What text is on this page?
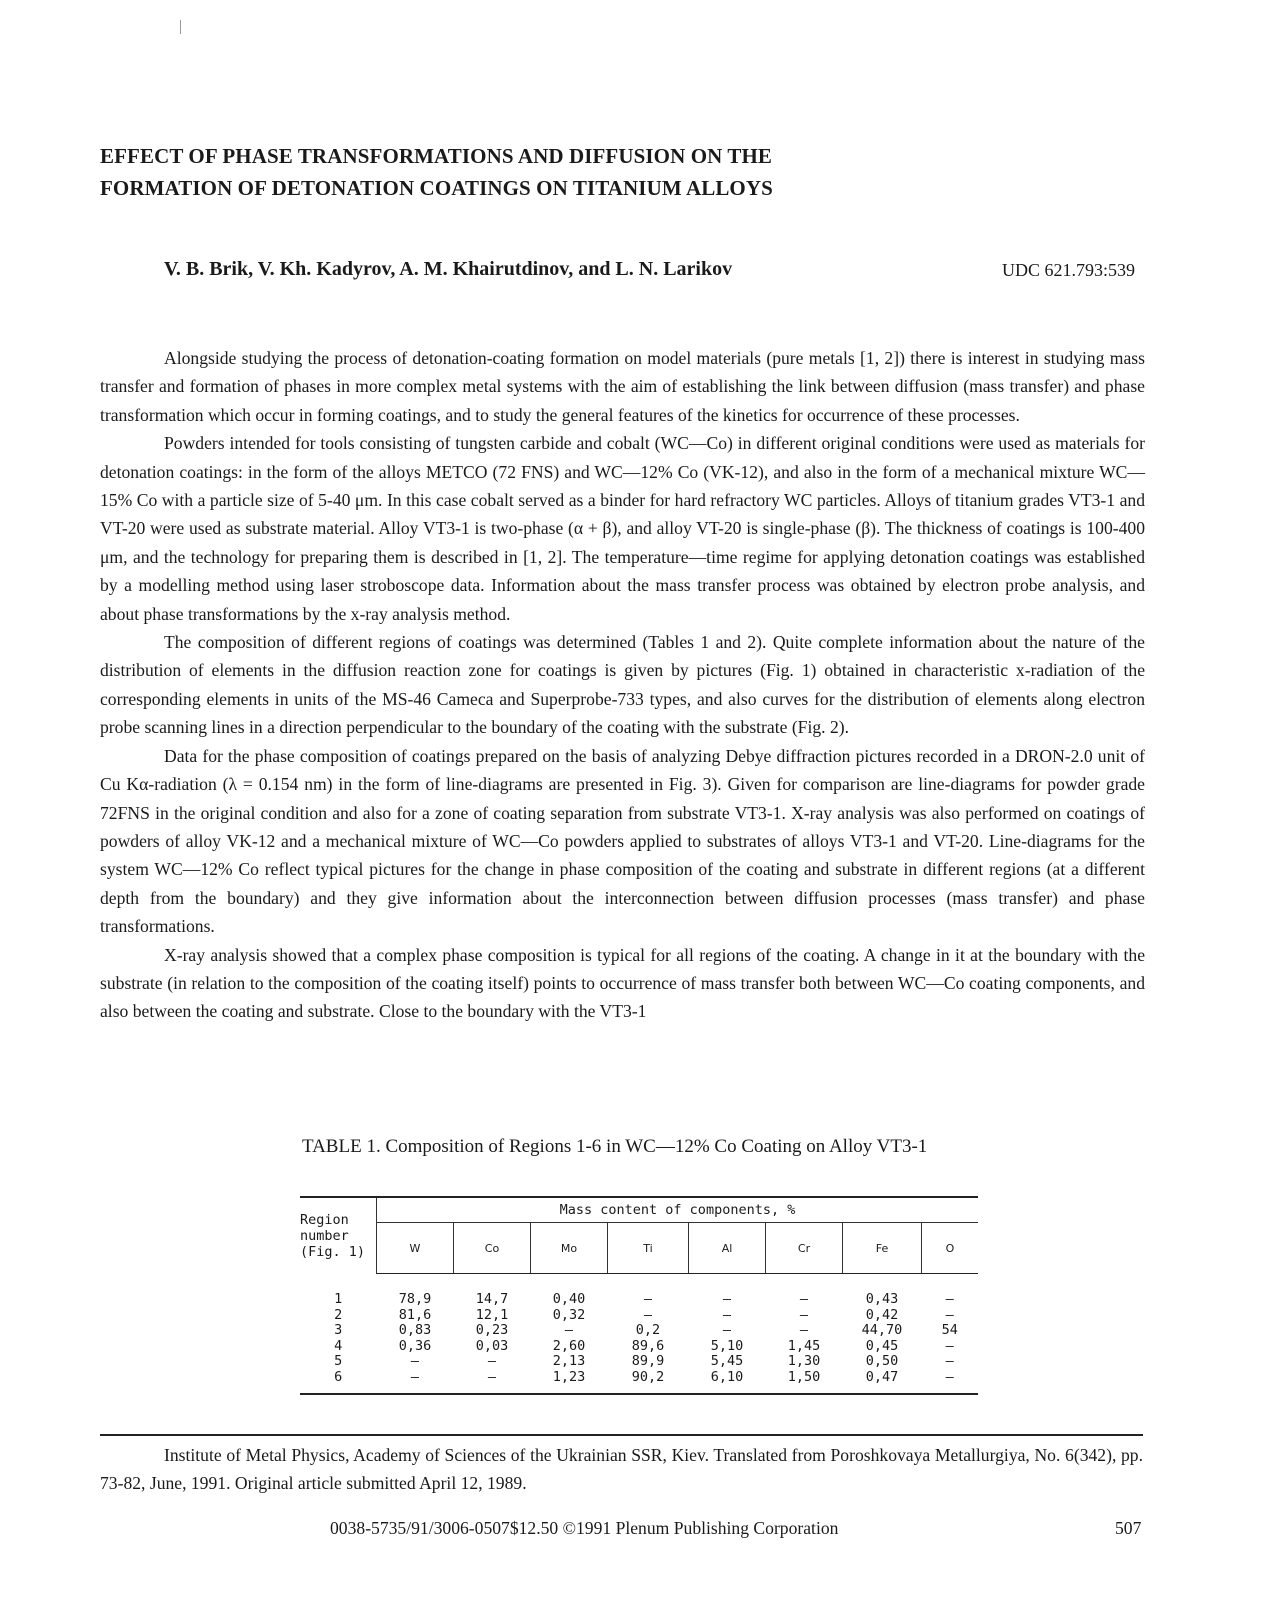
EFFECT OF PHASE TRANSFORMATIONS AND DIFFUSION ON THE
FORMATION OF DETONATION COATINGS ON TITANIUM ALLOYS
V. B. Brik, V. Kh. Kadyrov, A. M. Khairutdinov, and L. N. Larikov	UDC 621.793:539

Alongside studying the process of detonation-coating formation on model materials (pure metals [1, 2]) there is interest in studying mass transfer and formation of phases in more complex metal systems with the aim of establishing the link between diffusion (mass transfer) and phase transformation which occur in forming coatings, and to study the general features of the kinetics for occurrence of these processes.

Powders intended for tools consisting of tungsten carbide and cobalt (WC—Co) in different original conditions were used as materials for detonation coatings: in the form of the alloys METCO (72 FNS) and WC—12% Co (VK-12), and also in the form of a mechanical mixture WC—15% Co with a particle size of 5-40 μm. In this case cobalt served as a binder for hard refractory WC particles. Alloys of titanium grades VT3-1 and VT-20 were used as substrate material. Alloy VT3-1 is two-phase (α + β), and alloy VT-20 is single-phase (β). The thickness of coatings is 100-400 μm, and the technology for preparing them is described in [1, 2]. The temperature—time regime for applying detonation coatings was established by a modelling method using laser stroboscope data. Information about the mass transfer process was obtained by electron probe analysis, and about phase transformations by the x-ray analysis method.

The composition of different regions of coatings was determined (Tables 1 and 2). Quite complete information about the nature of the distribution of elements in the diffusion reaction zone for coatings is given by pictures (Fig. 1) obtained in characteristic x-radiation of the corresponding elements in units of the MS-46 Cameca and Superprobe-733 types, and also curves for the distribution of elements along electron probe scanning lines in a direction perpendicular to the boundary of the coating with the substrate (Fig. 2).

Data for the phase composition of coatings prepared on the basis of analyzing Debye diffraction pictures recorded in a DRON-2.0 unit of Cu Kα-radiation (λ = 0.154 nm) in the form of line-diagrams are presented in Fig. 3). Given for comparison are line-diagrams for powder grade 72FNS in the original condition and also for a zone of coating separation from substrate VT3-1. X-ray analysis was also performed on coatings of powders of alloy VK-12 and a mechanical mixture of WC—Co powders applied to substrates of alloys VT3-1 and VT-20. Line-diagrams for the system WC—12% Co reflect typical pictures for the change in phase composition of the coating and substrate in different regions (at a different depth from the boundary) and they give information about the interconnection between diffusion processes (mass transfer) and phase transformations.

X-ray analysis showed that a complex phase composition is typical for all regions of the coating. A change in it at the boundary with the substrate (in relation to the composition of the coating itself) points to occurrence of mass transfer both between WC—Co coating components, and also between the coating and substrate. Close to the boundary with the VT3-1

TABLE 1. Composition of Regions 1-6 in WC—12% Co Coating on Alloy VT3-1
Region
number
(Fig. 1)	Mass content of components, %							
	W	Co	Mo	Ti	Al	Cr	Fe	O

1	78,9	14,7	0,40	—	—	—	0,43	—
2	81,6	12,1	0,32	—	—	—	0,42	—
3	0,83	0,23	—	0,2	—	—	44,70	54
4	0,36	0,03	2,60	89,6	5,10	1,45	0,45	—
5	—	—	2,13	89,9	5,45	1,30	0,50	—
6	—	—	1,23	90,2	6,10	1,50	0,47	—

Institute of Metal Physics, Academy of Sciences of the Ukrainian SSR, Kiev. Translated from Poroshkovaya Metallurgiya, No. 6(342), pp. 73-82, June, 1991. Original article submitted April 12, 1989.
0038-5735/91/3006-0507$12.50 ©1991 Plenum Publishing Corporation	507
